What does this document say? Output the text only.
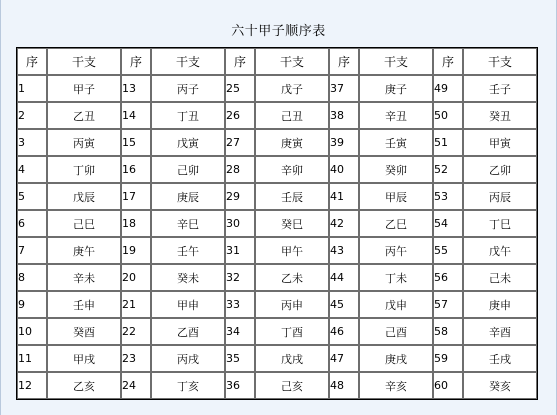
六十甲子顺序表
序	干支	序	干支	序	干支	序	干支	序	干支
1	甲子	13	丙子	25	戊子	37	庚子	49	壬子
2	乙丑	14	丁丑	26	己丑	38	辛丑	50	癸丑
3	丙寅	15	戊寅	27	庚寅	39	壬寅	51	甲寅
4	丁卯	16	己卯	28	辛卯	40	癸卯	52	乙卯
5	戊辰	17	庚辰	29	壬辰	41	甲辰	53	丙辰
6	己巳	18	辛巳	30	癸巳	42	乙巳	54	丁巳
7	庚午	19	壬午	31	甲午	43	丙午	55	戊午
8	辛未	20	癸未	32	乙未	44	丁未	56	己未
9	壬申	21	甲申	33	丙申	45	戊申	57	庚申
10	癸酉	22	乙酉	34	丁酉	46	己酉	58	辛酉
11	甲戌	23	丙戌	35	戊戌	47	庚戌	59	壬戌
12	乙亥	24	丁亥	36	己亥	48	辛亥	60	癸亥
